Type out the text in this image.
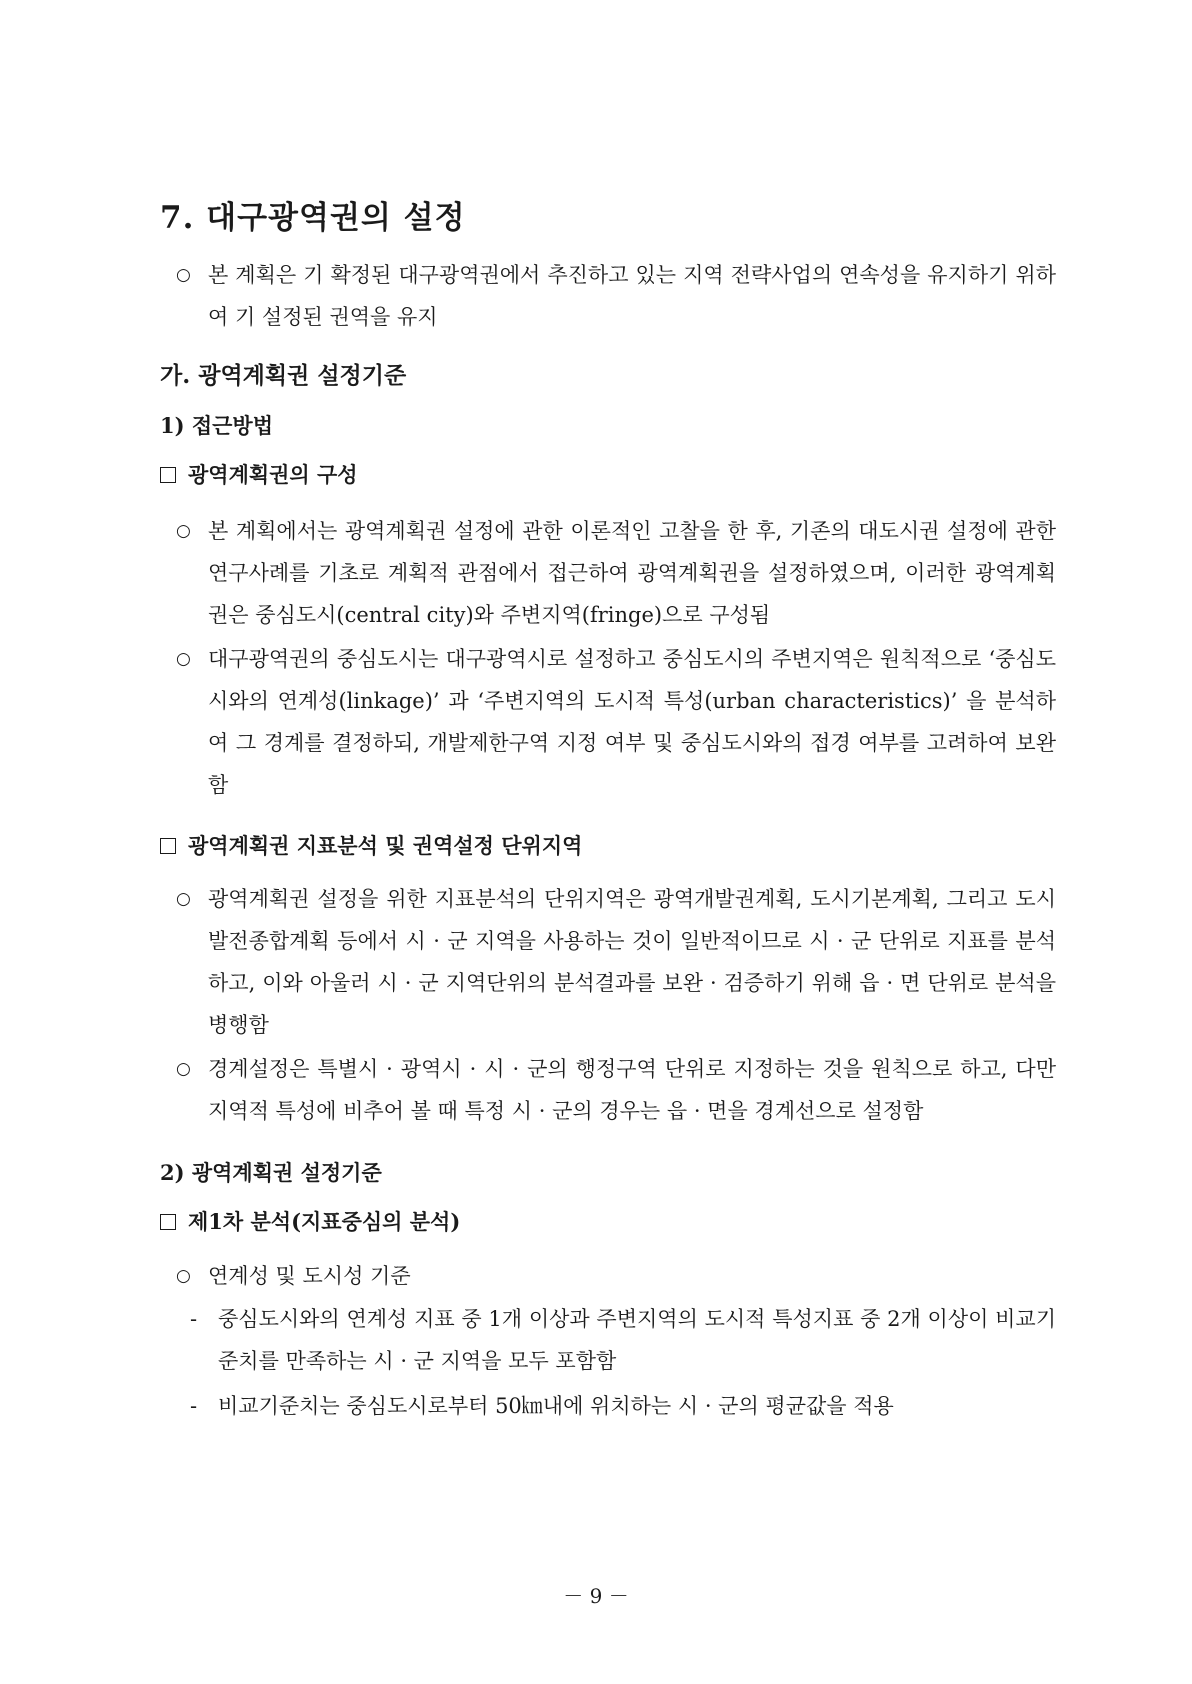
7. 대구광역권의 설정
○ 본 계획은 기 확정된 대구광역권에서 추진하고 있는 지역 전략사업의 연속성을 유지하기 위하여 기 설정된 권역을 유지
가. 광역계획권 설정기준
1) 접근방법
광역계획권의 구성
○ 본 계획에서는 광역계획권 설정에 관한 이론적인 고찰을 한 후, 기존의 대도시권 설정에 관한 연구사례를 기초로 계획적 관점에서 접근하여 광역계획권을 설정하였으며, 이러한 광역계획권은 중심도시(central city)와 주변지역(fringe)으로 구성됨
○ 대구광역권의 중심도시는 대구광역시로 설정하고 중심도시의 주변지역은 원칙적으로 ‘중심도시와의 연계성(linkage)’ 과 ‘주변지역의 도시적 특성(urban characteristics)’ 을 분석하여 그 경계를 결정하되, 개발제한구역 지정 여부 및 중심도시와의 접경 여부를 고려하여 보완함
광역계획권 지표분석 및 권역설정 단위지역
○ 광역계획권 설정을 위한 지표분석의 단위지역은 광역개발권계획, 도시기본계획, 그리고 도시발전종합계획 등에서 시 · 군 지역을 사용하는 것이 일반적이므로 시 · 군 단위로 지표를 분석하고, 이와 아울러 시 · 군 지역단위의 분석결과를 보완 · 검증하기 위해 읍 · 면 단위로 분석을 병행함
○ 경계설정은 특별시 · 광역시 · 시 · 군의 행정구역 단위로 지정하는 것을 원칙으로 하고, 다만 지역적 특성에 비추어 볼 때 특정 시 · 군의 경우는 읍 · 면을 경계선으로 설정함
2) 광역계획권 설정기준
제1차 분석(지표중심의 분석)
○ 연계성 및 도시성 기준
- 중심도시와의 연계성 지표 중 1개 이상과 주변지역의 도시적 특성지표 중 2개 이상이 비교기준치를 만족하는 시 · 군 지역을 모두 포함함
- 비교기준치는 중심도시로부터 50㎞내에 위치하는 시 · 군의 평균값을 적용

－ 9 －
